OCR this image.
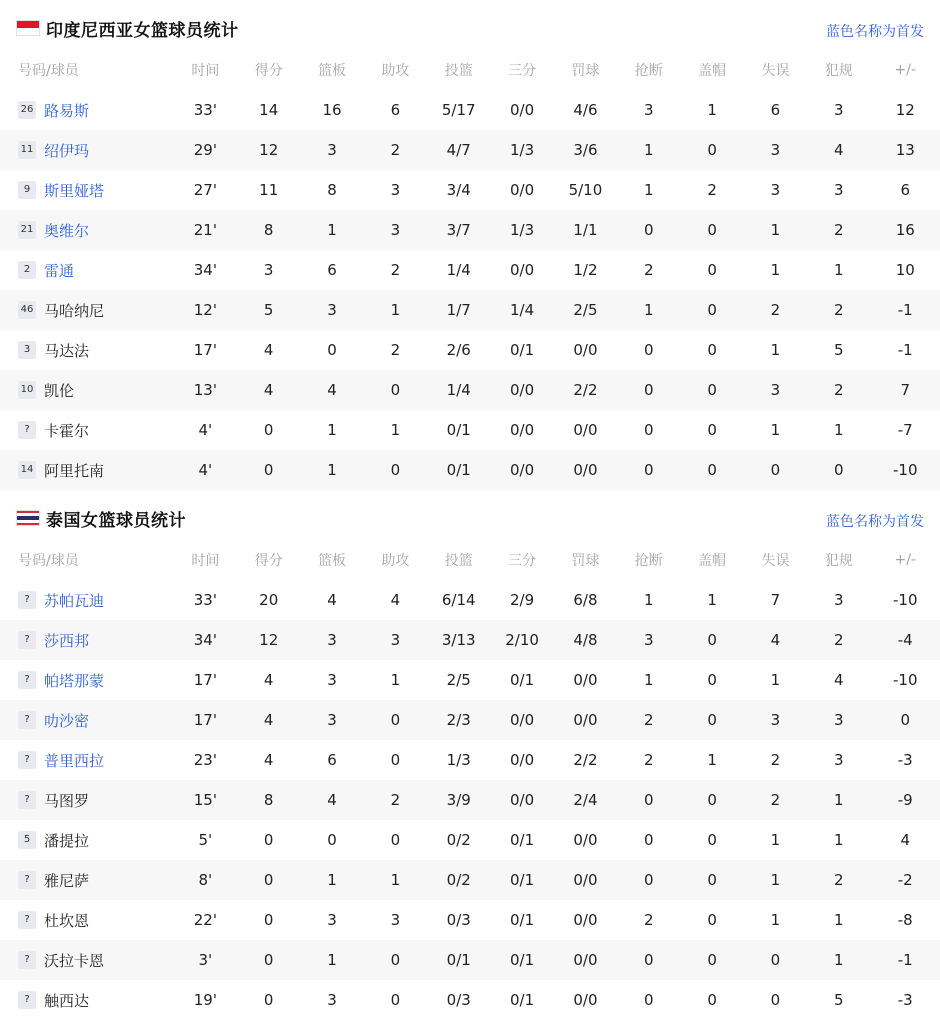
印度尼西亚女篮球员统计	蓝色名称为首发
号码/球员	时间	得分	篮板	助攻	投篮	三分	罚球	抢断	盖帽	失误	犯规	+/-
26 路易斯	33'	14	16	6	5/17	0/0	4/6	3	1	6	3	12
11 绍伊玛	29'	12	3	2	4/7	1/3	3/6	1	0	3	4	13
9 斯里娅塔	27'	11	8	3	3/4	0/0	5/10	1	2	3	3	6
21 奥维尔	21'	8	1	3	3/7	1/3	1/1	0	0	1	2	16
2 雷通	34'	3	6	2	1/4	0/0	1/2	2	0	1	1	10
46 马哈纳尼	12'	5	3	1	1/7	1/4	2/5	1	0	2	2	-1
3 马达法	17'	4	0	2	2/6	0/1	0/0	0	0	1	5	-1
10 凯伦	13'	4	4	0	1/4	0/0	2/2	0	0	3	2	7
? 卡霍尔	4'	0	1	1	0/1	0/0	0/0	0	0	1	1	-7
14 阿里托南	4'	0	1	0	0/1	0/0	0/0	0	0	0	0	-10
泰国女篮球员统计	蓝色名称为首发
号码/球员	时间	得分	篮板	助攻	投篮	三分	罚球	抢断	盖帽	失误	犯规	+/-
? 苏帕瓦迪	33'	20	4	4	6/14	2/9	6/8	1	1	7	3	-10
? 莎西邦	34'	12	3	3	3/13	2/10	4/8	3	0	4	2	-4
? 帕塔那蒙	17'	4	3	1	2/5	0/1	0/0	1	0	1	4	-10
? 叻沙密	17'	4	3	0	2/3	0/0	0/0	2	0	3	3	0
? 普里西拉	23'	4	6	0	1/3	0/0	2/2	2	1	2	3	-3
? 马图罗	15'	8	4	2	3/9	0/0	2/4	0	0	2	1	-9
5 潘提拉	5'	0	0	0	0/2	0/1	0/0	0	0	1	1	4
? 雅尼萨	8'	0	1	1	0/2	0/1	0/0	0	0	1	2	-2
? 杜坎恩	22'	0	3	3	0/3	0/1	0/0	2	0	1	1	-8
? 沃拉卡恩	3'	0	1	0	0/1	0/1	0/0	0	0	0	1	-1
? 触西达	19'	0	3	0	0/3	0/1	0/0	0	0	0	5	-3
